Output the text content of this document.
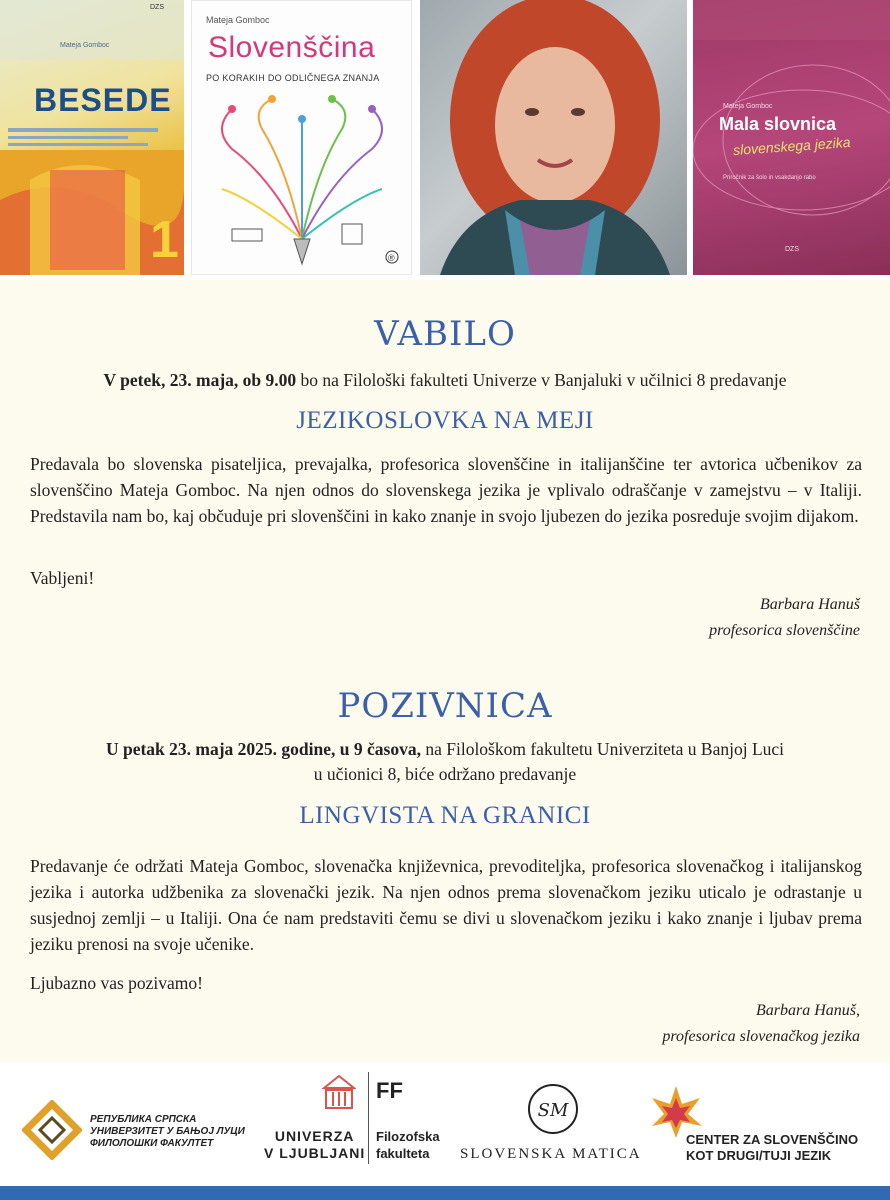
Mateja Gomboc
DZS
BESEDE
1
Mateja Gomboc
Slovenščina
PO KORAKIH DO ODLIČNEGA ZNANJA
®
Mateja Gomboc
Mala slovnica
slovenskega jezika
Priročnik za šolo in vsakdanjo rabo
DZS
VABILO
V petek, 23. maja, ob 9.00 bo na Filološki fakulteti Univerze v Banjaluki v učilnici 8 predavanje
JEZIKOSLOVKA NA MEJI
Predavala bo slovenska pisateljica, prevajalka, profesorica slovenščine in italijanščine ter avtorica učbenikov za slovenščino Mateja Gomboc. Na njen odnos do slovenskega jezika je vplivalo odraščanje v zamejstvu – v Italiji. Predstavila nam bo, kaj občuduje pri slovenščini in kako znanje in svojo ljubezen do jezika posreduje svojim dijakom.
Vabljeni!
Barbara Hanuš
profesorica slovenščine
POZIVNICA
U petak 23. maja 2025. godine, u 9 časova, na Filološkom fakultetu Univerziteta u Banjoj Luci
u učionici 8, biće održano predavanje
LINGVISTA NA GRANICI
Predavanje će održati Mateja Gomboc, slovenačka književnica, prevoditeljka, profesorica slovenačkog i italijanskog jezika i autorka udžbenika za slovenački jezik. Na njen odnos prema slovenačkom jeziku uticalo je odrastanje u susjednoj zemlji – u Italiji. Ona će nam predstaviti čemu se divi u slovenačkom jeziku i kako znanje i ljubav prema jeziku prenosi na svoje učenike.
Ljubazno vas pozivamo!
Barbara Hanuš,
profesorica slovenačkog jezika
РЕПУБЛИКА СРПСКА
УНИВЕРЗИТЕТ У БАЊОЈ ЛУЦИ
ФИЛОЛОШКИ ФАКУЛТЕТ	UNIVERZA
V LJUBLJANI
FF
Filozofska
fakulteta
SM
SLOVENSKA MATICA
CENTER ZA SLOVENŠČINO
KOT DRUGI/TUJI JEZIK
